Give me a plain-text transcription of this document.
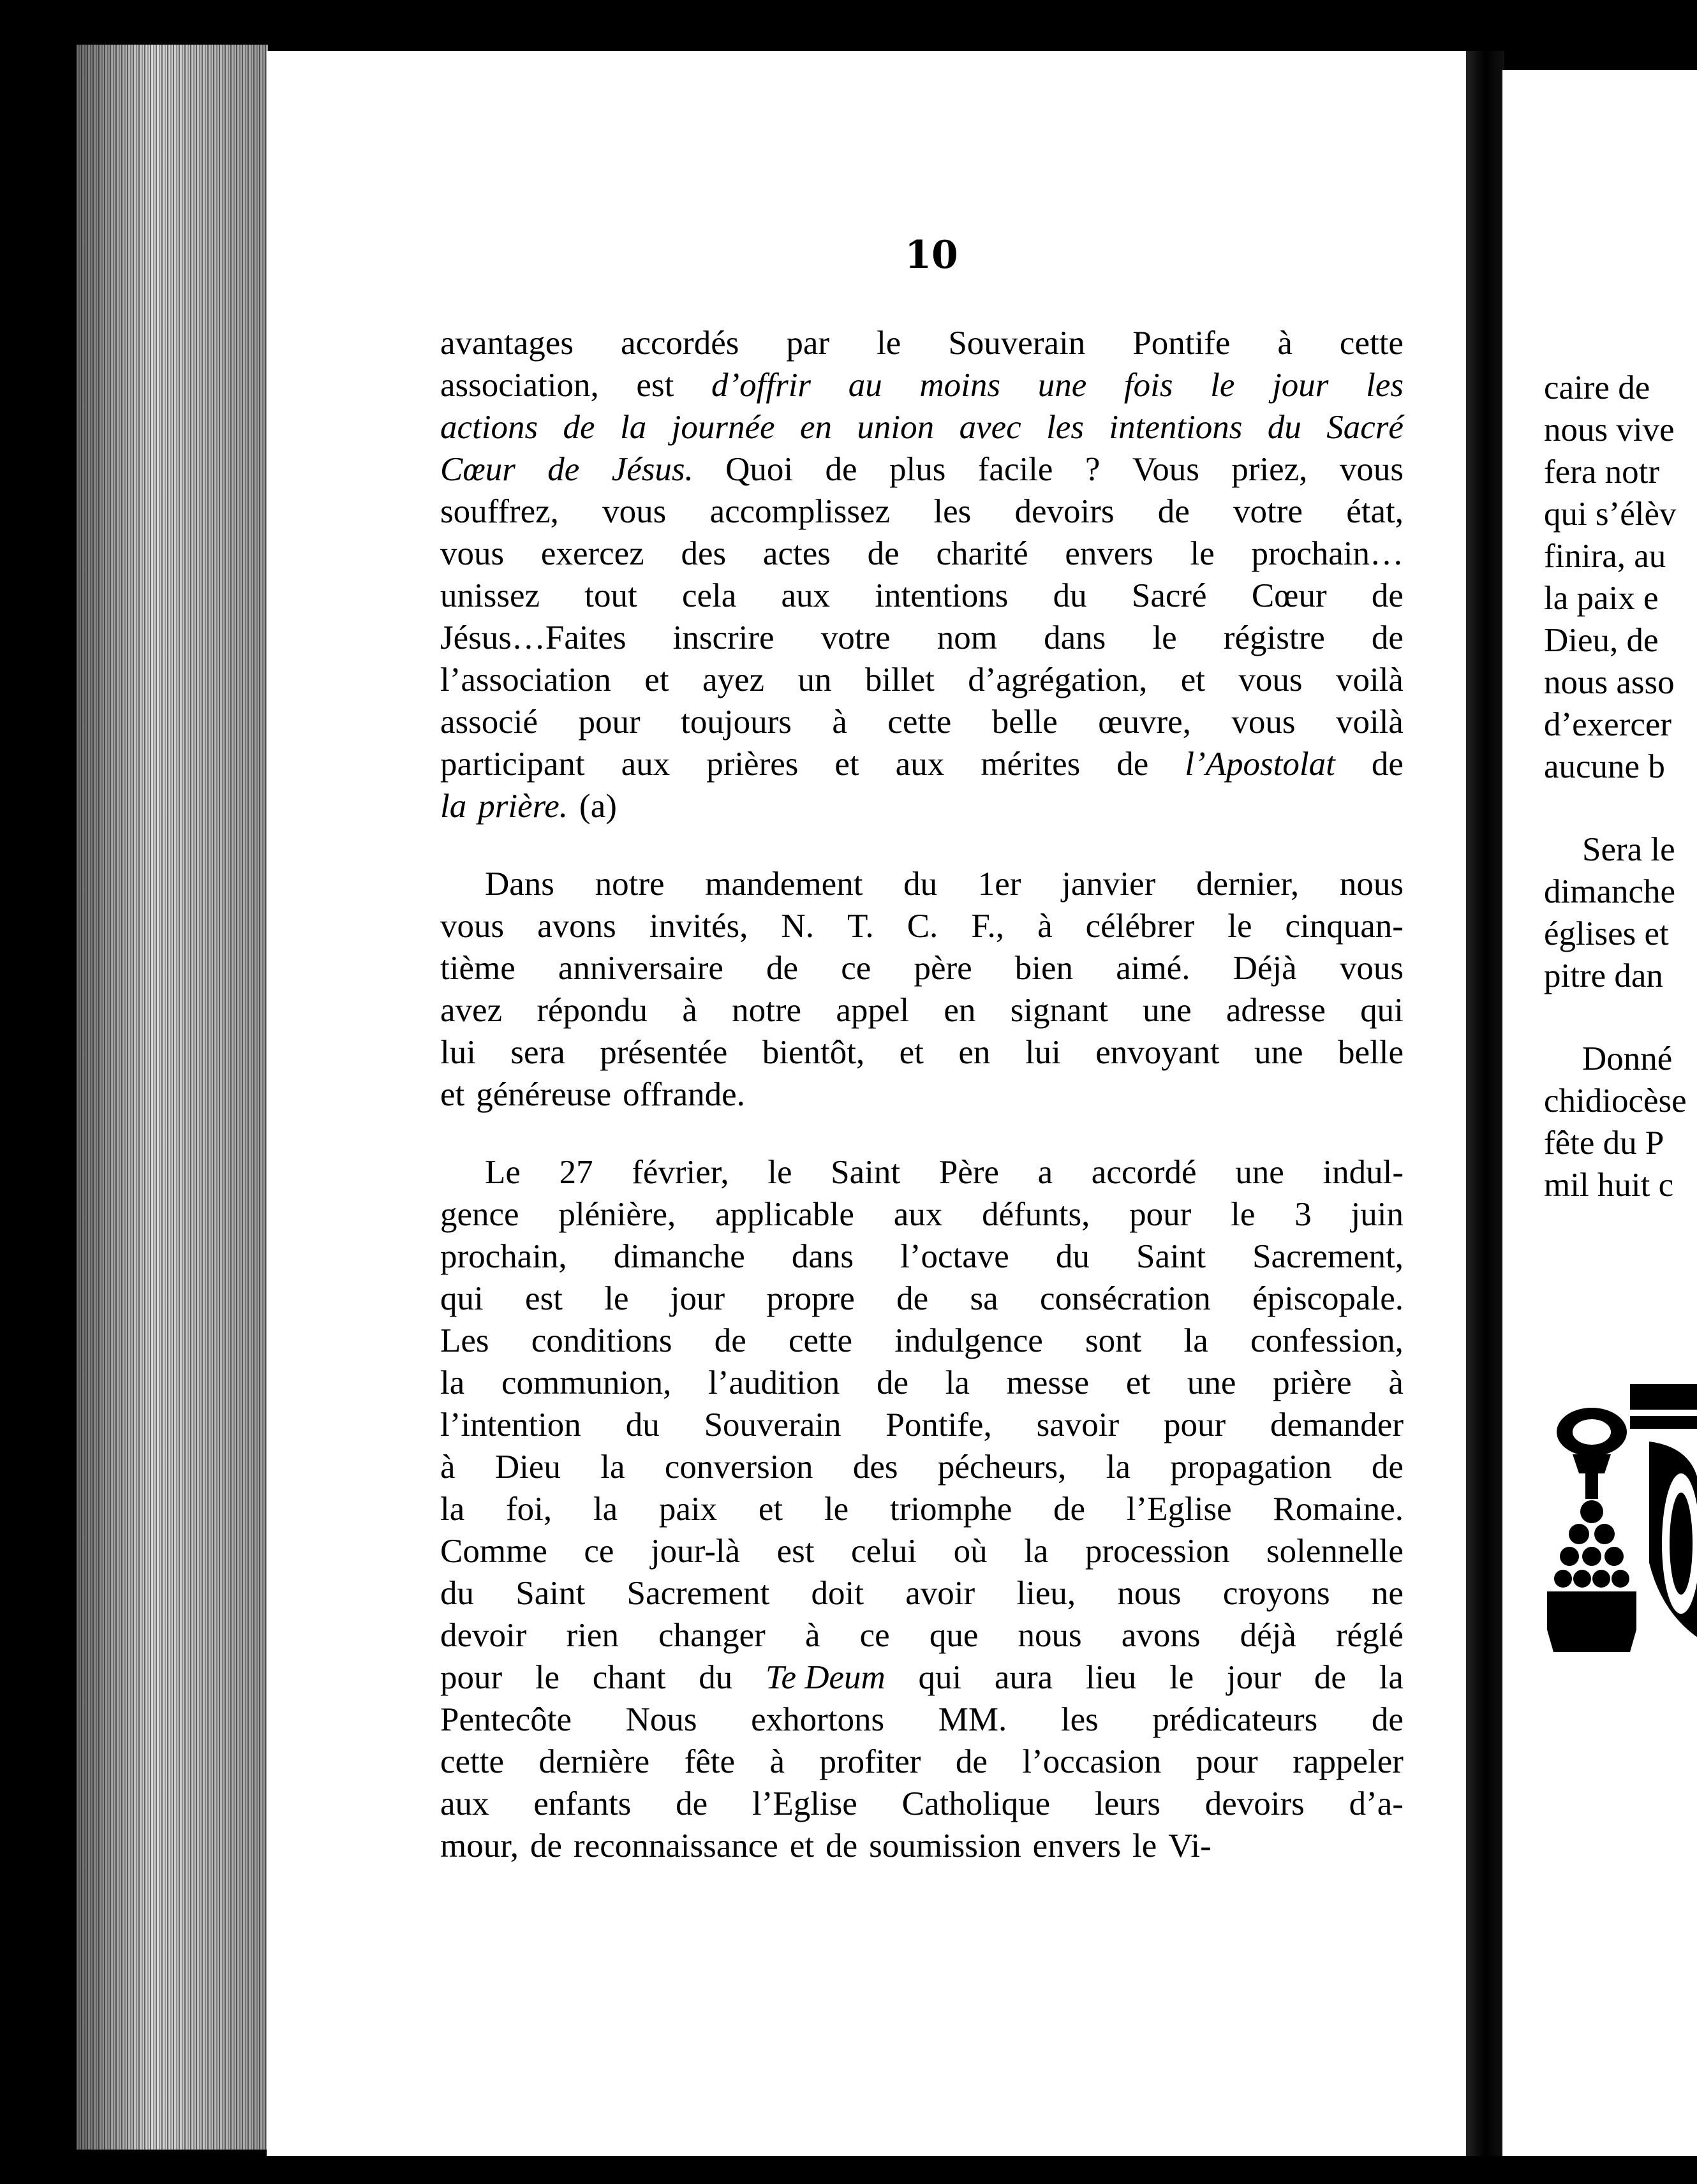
10
avantages accordés par le Souverain Pontife à cette
association, est d’offrir au moins une fois le jour les
actions de la journée en union avec les intentions du Sacré
Cœur de Jésus. Quoi de plus facile ? Vous priez, vous
souffrez, vous accomplissez les devoirs de votre état,
vous exercez des actes de charité envers le prochain…
unissez tout cela aux intentions du Sacré Cœur de
Jésus…Faites inscrire votre nom dans le régistre de
l’association et ayez un billet d’agrégation, et vous voilà
associé pour toujours à cette belle œuvre, vous voilà
participant aux prières et aux mérites de l’Apostolat de
la prière. (a)
Dans notre mandement du 1er janvier dernier, nous
vous avons invités, N. T. C. F., à célébrer le cinquan-
tième anniversaire de ce père bien aimé. Déjà vous
avez répondu à notre appel en signant une adresse qui
lui sera présentée bientôt, et en lui envoyant une belle
et généreuse offrande.
Le 27 février, le Saint Père a accordé une indul-
gence plénière, applicable aux défunts, pour le 3 juin
prochain, dimanche dans l’octave du Saint Sacrement,
qui est le jour propre de sa consécration épiscopale.
Les conditions de cette indulgence sont la confession,
la communion, l’audition de la messe et une prière à
l’intention du Souverain Pontife, savoir pour demander
à Dieu la conversion des pécheurs, la propagation de
la foi, la paix et le triomphe de l’Eglise Romaine.
Comme ce jour-là est celui où la procession solennelle
du Saint Sacrement doit avoir lieu, nous croyons ne
devoir rien changer à ce que nous avons déjà réglé
pour le chant du Te Deum qui aura lieu le jour de la
Pentecôte Nous exhortons MM. les prédicateurs de
cette dernière fête à profiter de l’occasion pour rappeler
aux enfants de l’Eglise Catholique leurs devoirs d’a-
mour, de reconnaissance et de soumission envers le Vi-
caire de
nous vive
fera notr
qui s’élèv
finira, au
la paix e
Dieu, de
nous asso
d’exercer
aucune b
Sera le
dimanche
églises et
pitre dan
Donné
chidiocèse
fête du P
mil huit c
